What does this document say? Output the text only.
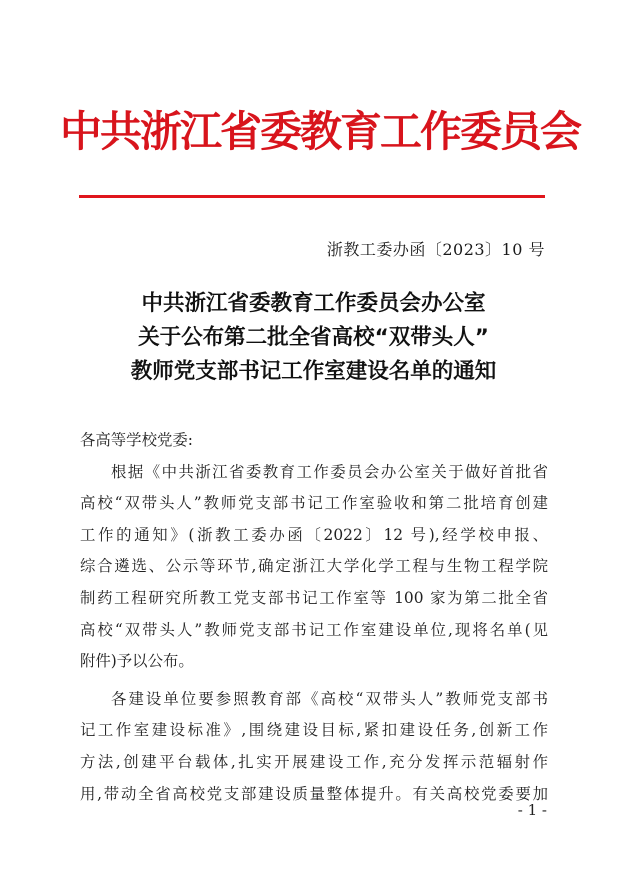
中共浙江省委教育工作委员会
浙教工委办函〔2023〕10 号
中共浙江省委教育工作委员会办公室
关于公布第二批全省高校“双带头人”
教师党支部书记工作室建设名单的通知
各高等学校党委:
根据《中共浙江省委教育工作委员会办公室关于做好首批省
高校“双带头人”教师党支部书记工作室验收和第二批培育创建
工作的通知》(浙教工委办函〔2022〕12 号),经学校申报、
综合遴选、公示等环节,确定浙江大学化学工程与生物工程学院
制药工程研究所教工党支部书记工作室等 100 家为第二批全省
高校“双带头人”教师党支部书记工作室建设单位,现将名单(见
附件)予以公布。
各建设单位要参照教育部《高校“双带头人”教师党支部书
记工作室建设标准》,围绕建设目标,紧扣建设任务,创新工作
方法,创建平台载体,扎实开展建设工作,充分发挥示范辐射作
用,带动全省高校党支部建设质量整体提升。有关高校党委要加
- 1 -
